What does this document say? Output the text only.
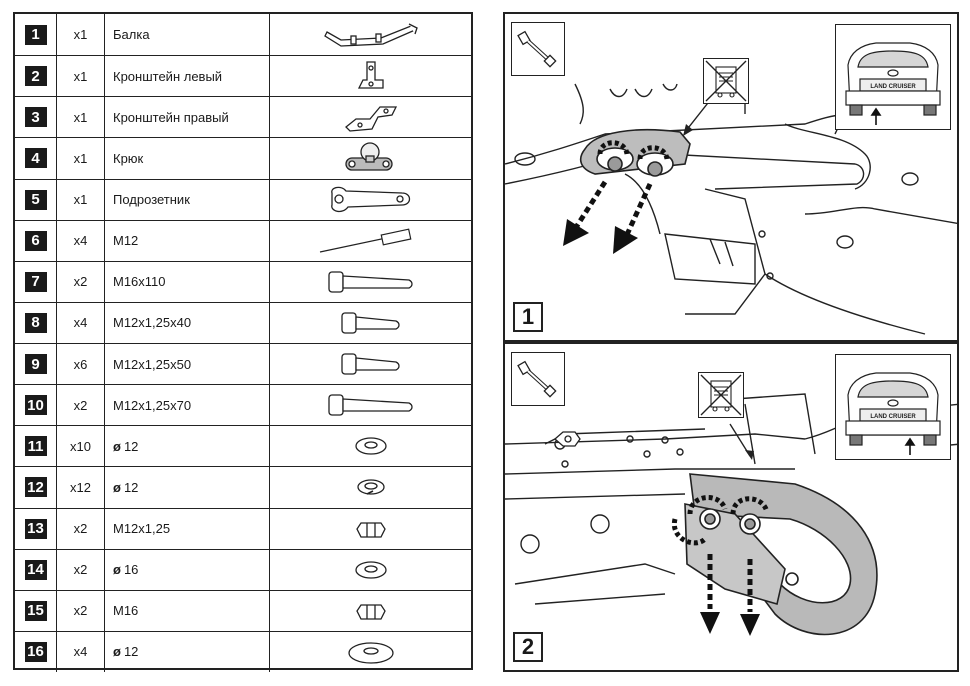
1	x1	Балка
2	x1	Кронштейн левый
3	x1	Кронштейн правый
4	x1	Крюк
5	x1	Подрозетник
6	x4	M12
7	x2	M16x110
8	x4	M12x1,25x40
9	x6	M12x1,25x50
10	x2	M12x1,25x70
11	x10	ø 12
12	x12	ø 12
13	x2	M12x1,25
14	x2	ø 16
15	x2	M16
16	x4	ø 12
LAND CRUISER
1
LAND CRUISER
2
